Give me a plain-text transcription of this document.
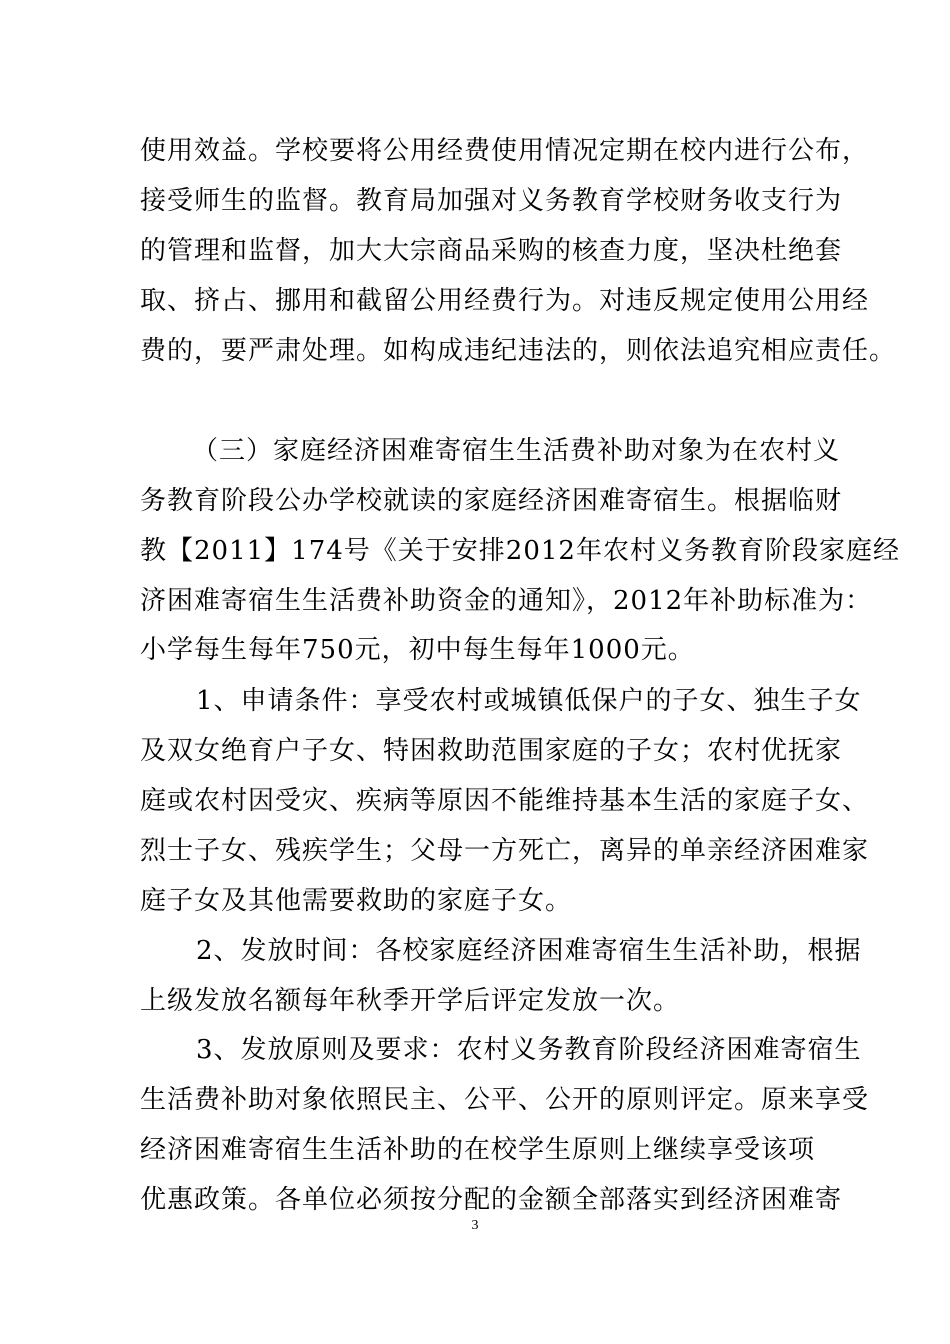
使用效益。学校要将公用经费使用情况定期在校内进行公布，
接受师生的监督。教育局加强对义务教育学校财务收支行为
的管理和监督，加大大宗商品采购的核查力度，坚决杜绝套
取、挤占、挪用和截留公用经费行为。对违反规定使用公用经
费的，要严肃处理。如构成违纪违法的，则依法追究相应责任。
（三）家庭经济困难寄宿生生活费补助对象为在农村义
务教育阶段公办学校就读的家庭经济困难寄宿生。根据临财
教【2011】174号《关于安排2012年农村义务教育阶段家庭经
济困难寄宿生生活费补助资金的通知》，2012年补助标准为：
小学每生每年750元，初中每生每年1000元。
1、申请条件：享受农村或城镇低保户的子女、独生子女
及双女绝育户子女、特困救助范围家庭的子女；农村优抚家
庭或农村因受灾、疾病等原因不能维持基本生活的家庭子女、
烈士子女、残疾学生；父母一方死亡，离异的单亲经济困难家
庭子女及其他需要救助的家庭子女。
2、发放时间：各校家庭经济困难寄宿生生活补助，根据
上级发放名额每年秋季开学后评定发放一次。
3、发放原则及要求：农村义务教育阶段经济困难寄宿生
生活费补助对象依照民主、公平、公开的原则评定。原来享受
经济困难寄宿生生活补助的在校学生原则上继续享受该项
优惠政策。各单位必须按分配的金额全部落实到经济困难寄
3
